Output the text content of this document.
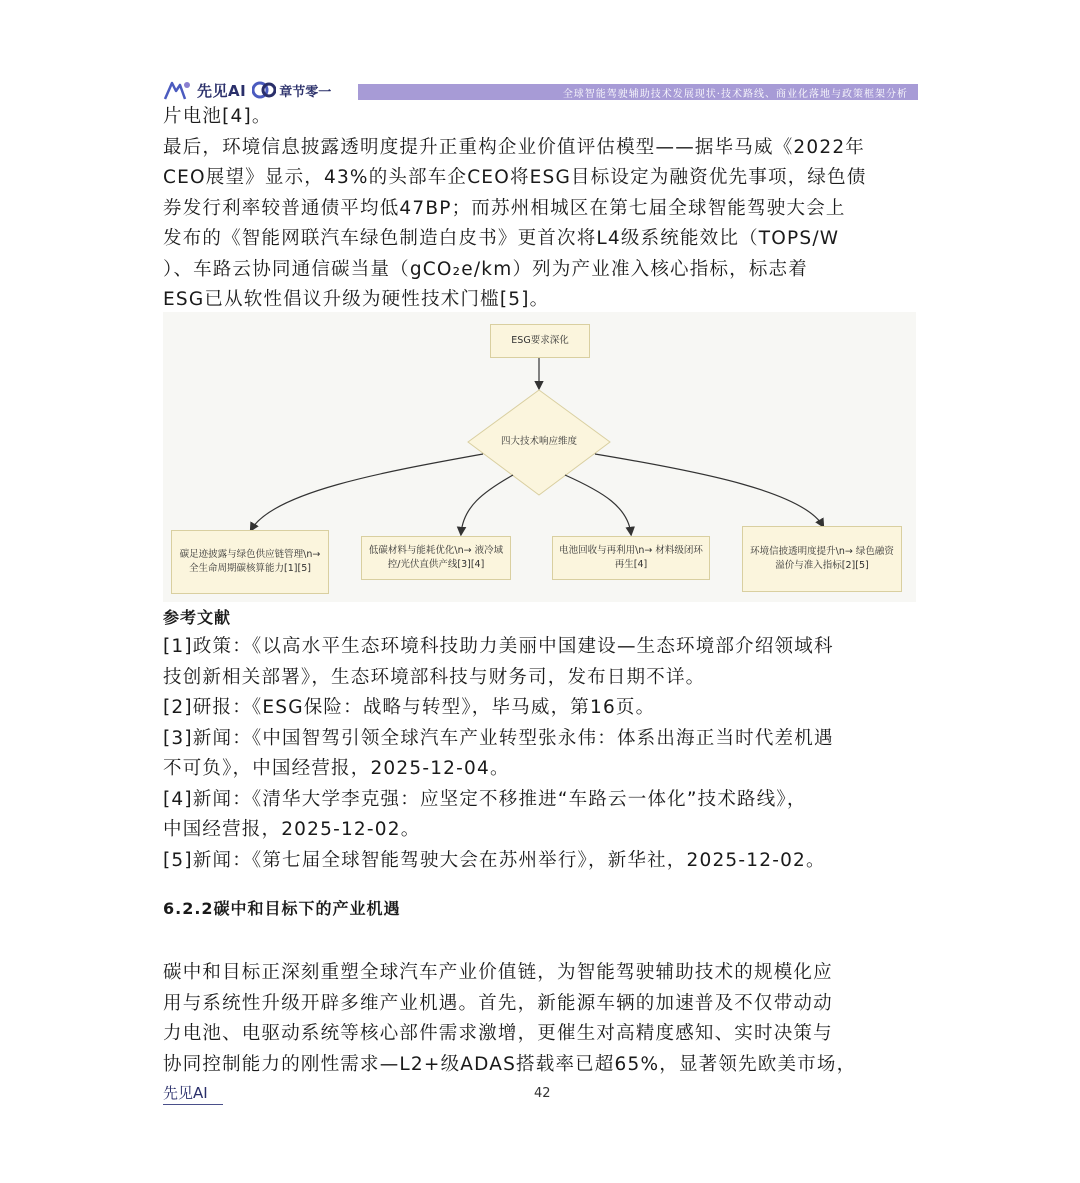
先见AI	章节零一	全球智能驾驶辅助技术发展现状·技术路线、商业化落地与政策框架分析
片电池[4]。
最后，环境信息披露透明度提升正重构企业价值评估模型——据毕马威《2022年
CEO展望》显示，43%的头部车企CEO将ESG目标设定为融资优先事项，绿色债
券发行利率较普通债平均低47BP；而苏州相城区在第七届全球智能驾驶大会上
发布的《智能网联汽车绿色制造白皮书》更首次将L4级系统能效比（TOPS/W
）、车路云协同通信碳当量（gCO₂e/km）列为产业准入核心指标，标志着
ESG已从软性倡议升级为硬性技术门槛[5]。
ESG要求深化
四大技术响应维度
碳足迹披露与绿色供应链管理\n→ 全生命周期碳核算能力[1][5]
低碳材料与能耗优化\n→ 液冷域控/光伏直供产线[3][4]
电池回收与再利用\n→ 材料级闭环再生[4]
环境信披透明度提升\n→ 绿色融资溢价与准入指标[2][5]
参考文献
[1]政策：《以高水平生态环境科技助力美丽中国建设—生态环境部介绍领域科
技创新相关部署》，生态环境部科技与财务司，发布日期不详。
[2]研报：《ESG保险：战略与转型》，毕马威，第16页。
[3]新闻：《中国智驾引领全球汽车产业转型张永伟：体系出海正当时代差机遇
不可负》，中国经营报，2025-12-04。
[4]新闻：《清华大学李克强：应坚定不移推进“车路云一体化”技术路线》，
中国经营报，2025-12-02。
[5]新闻：《第七届全球智能驾驶大会在苏州举行》，新华社，2025-12-02。
6.2.2碳中和目标下的产业机遇
碳中和目标正深刻重塑全球汽车产业价值链，为智能驾驶辅助技术的规模化应
用与系统性升级开辟多维产业机遇。首先，新能源车辆的加速普及不仅带动动
力电池、电驱动系统等核心部件需求激增，更催生对高精度感知、实时决策与
协同控制能力的刚性需求—L2+级ADAS搭载率已超65%，显著领先欧美市场，
先见AI	42
